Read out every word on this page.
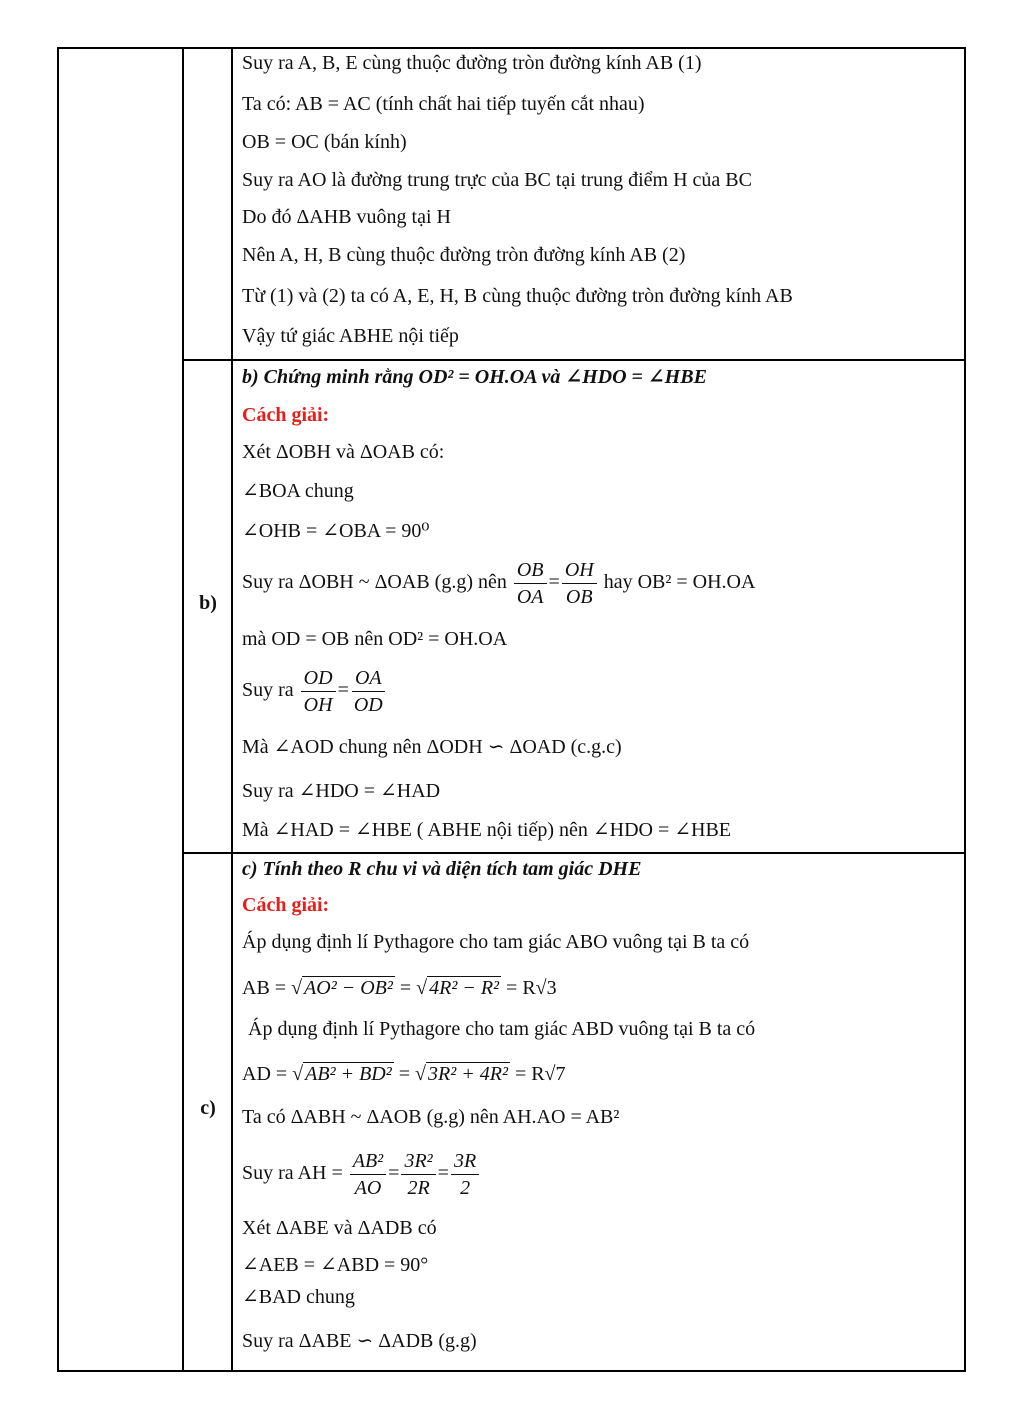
Suy ra A, B, E cùng thuộc đường tròn đường kính AB (1)
Ta có: AB = AC (tính chất hai tiếp tuyến cắt nhau)
OB = OC (bán kính)
Suy ra AO là đường trung trực của BC tại trung điểm H của BC
Do đó ΔAHB vuông tại H
Nên A, H, B cùng thuộc đường tròn đường kính AB (2)
Từ (1) và (2) ta có A, E, H, B cùng thuộc đường tròn đường kính AB
Vậy tứ giác ABHE nội tiếp
b)
b) Chứng minh rằng OD² = OH.OA và ∠HDO = ∠HBE
Cách giải:
Xét ΔOBH và ΔOAB có:
∠BOA chung
∠OHB = ∠OBA = 90⁰
Suy ra ΔOBH ~ ΔOAB (g.g) nên $\frac{OB}{OA} = \frac{OH}{OB}$ hay OB² = OH.OA
mà OD = OB nên OD² = OH.OA
Suy ra $\frac{OD}{OH} = \frac{OA}{OD}$
Mà ∠AOD chung nên ΔODH ∽ ΔOAD (c.g.c)
Suy ra ∠HDO = ∠HAD
Mà ∠HAD = ∠HBE ( ABHE nội tiếp) nên ∠HDO = ∠HBE
c)
c) Tính theo R chu vi và diện tích tam giác DHE
Cách giải:
Áp dụng định lí Pythagore cho tam giác ABO vuông tại B ta có
AB = √ AO² − OB² = √ 4R² − R² = R√3
Áp dụng định lí Pythagore cho tam giác ABD vuông tại B ta có
AD = √ AB² + BD² = √ 3R² + 4R² = R√7
Ta có ΔABH ~ ΔAOB (g.g) nên AH.AO = AB²
Suy ra AH = $\frac{\text{AB²}}{AO} = \frac{\text{3R²}}{2R} = \frac{3R}{2}$
Xét ΔABE và ΔADB có
∠AEB = ∠ABD = 90°
∠BAD chung
Suy ra ΔABE ∽ ΔADB (g.g)
